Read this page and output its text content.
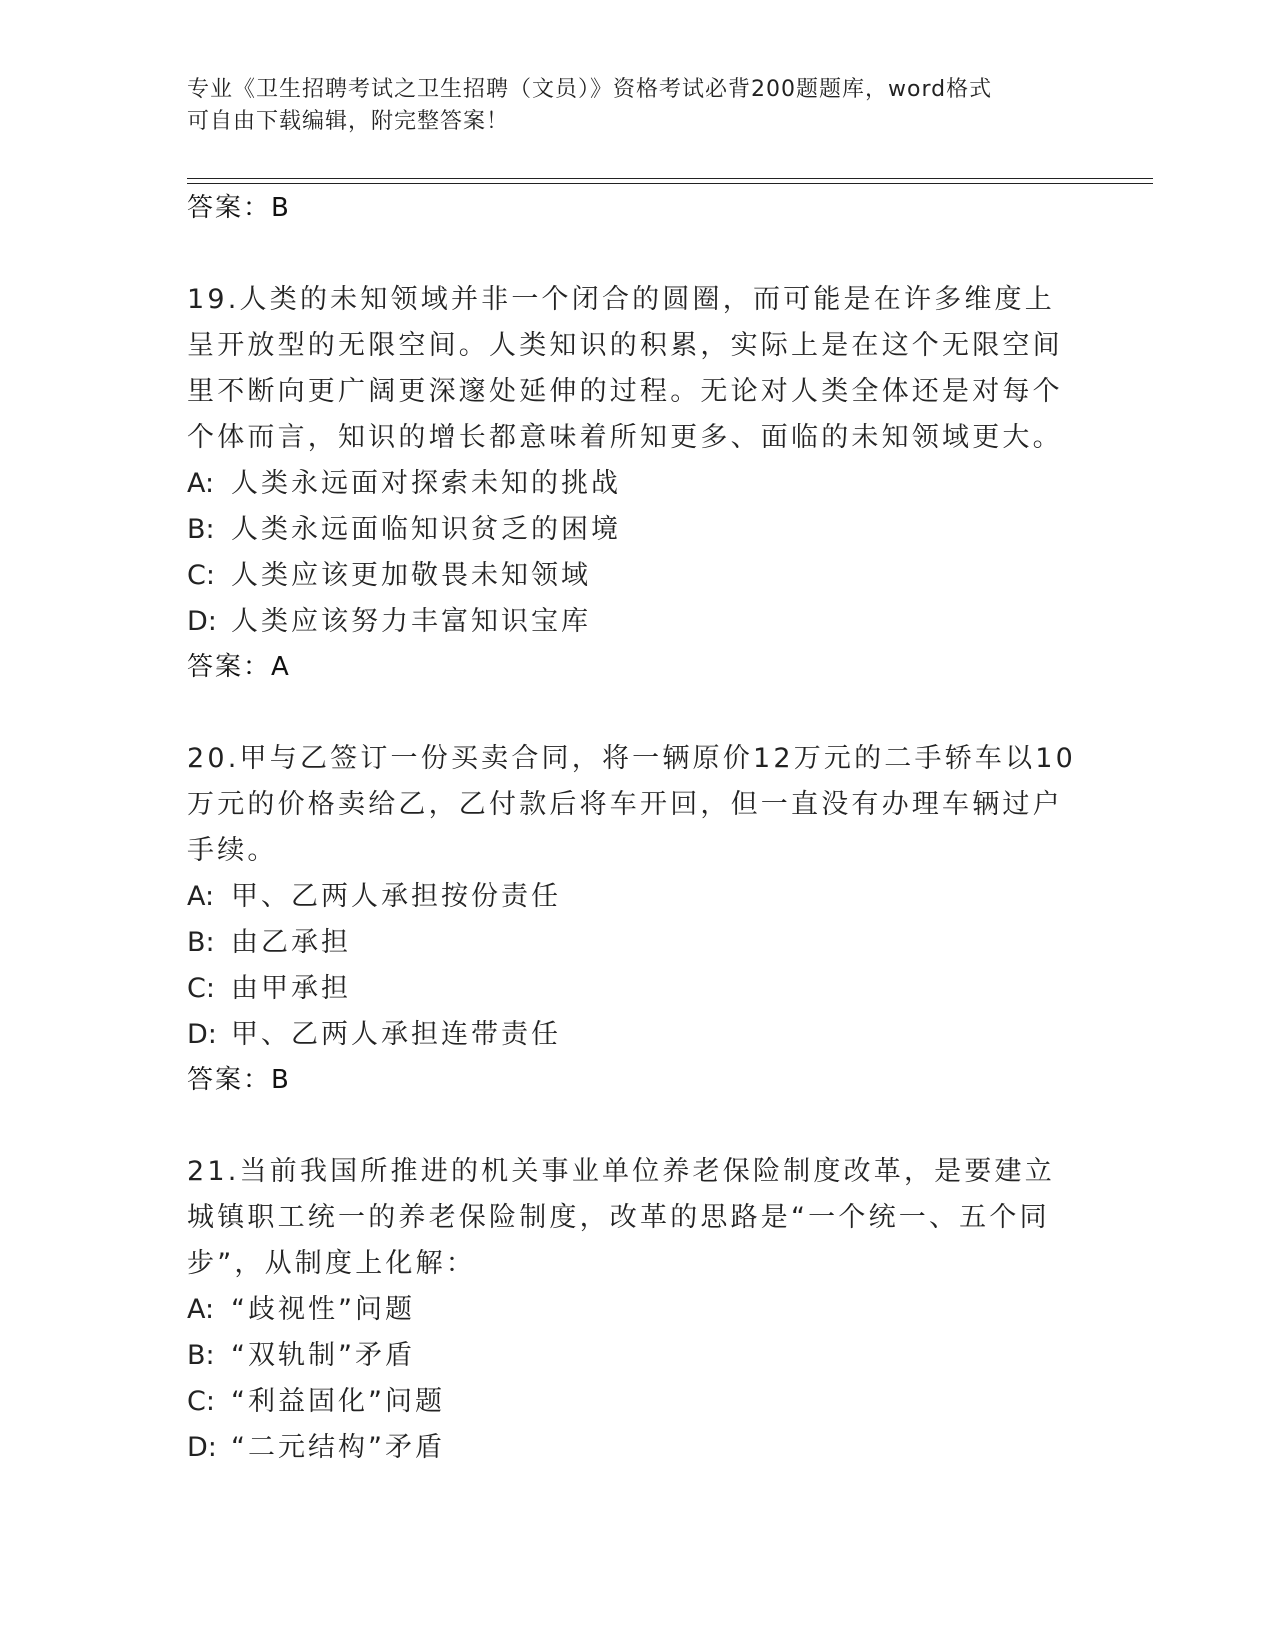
专业《卫生招聘考试之卫生招聘（文员）》资格考试必背200题题库，word格式
可自由下载编辑，附完整答案！
答案：B
19.人类的未知领域并非一个闭合的圆圈，而可能是在许多维度上呈开放型的无限空间。人类知识的积累，实际上是在这个无限空间里不断向更广阔更深邃处延伸的过程。无论对人类全体还是对每个个体而言，知识的增长都意味着所知更多、面临的未知领域更大。
A: 人类永远面对探索未知的挑战
B: 人类永远面临知识贫乏的困境
C: 人类应该更加敬畏未知领域
D: 人类应该努力丰富知识宝库
答案：A
20.甲与乙签订一份买卖合同，将一辆原价12万元的二手轿车以10万元的价格卖给乙，乙付款后将车开回，但一直没有办理车辆过户手续。
A: 甲、乙两人承担按份责任
B: 由乙承担
C: 由甲承担
D: 甲、乙两人承担连带责任
答案：B
21.当前我国所推进的机关事业单位养老保险制度改革，是要建立城镇职工统一的养老保险制度，改革的思路是“一个统一、五个同步”，从制度上化解：
A: “歧视性”问题
B: “双轨制”矛盾
C: “利益固化”问题
D: “二元结构”矛盾
